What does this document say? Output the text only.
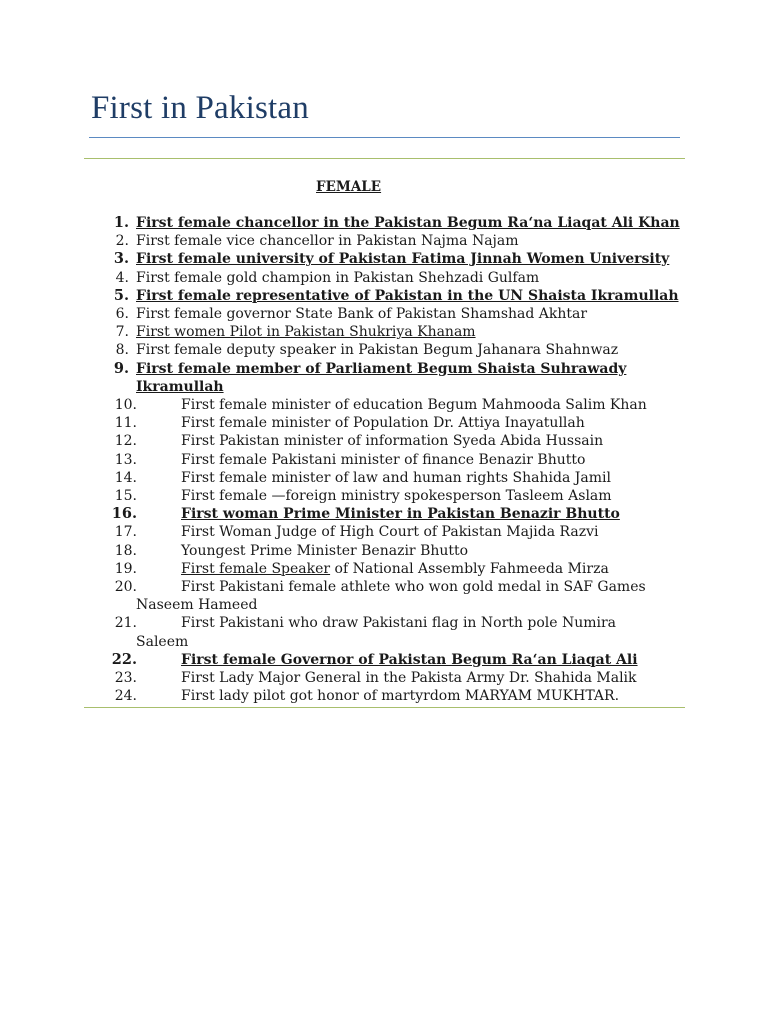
First in Pakistan

FEMALE

1. First female chancellor in the Pakistan Begum Ra‘na Liaqat Ali Khan
2. First female vice chancellor in Pakistan Najma Najam
3. First female university of Pakistan Fatima Jinnah Women University
4. First female gold champion in Pakistan Shehzadi Gulfam
5. First female representative of Pakistan in the UN Shaista Ikramullah
6. First female governor State Bank of Pakistan Shamshad Akhtar
7. First women Pilot in Pakistan Shukriya Khanam
8. First female deputy speaker in Pakistan Begum Jahanara Shahnwaz
9. First female member of Parliament Begum Shaista Suhrawady
Ikramullah
10.	First female minister of education Begum Mahmooda Salim Khan
11.	First female minister of Population Dr. Attiya Inayatullah
12.	First Pakistan minister of information Syeda Abida Hussain
13.	First female Pakistani minister of finance Benazir Bhutto
14.	First female minister of law and human rights Shahida Jamil
15.	First female —foreign ministry spokesperson Tasleem Aslam
16.	First woman Prime Minister in Pakistan Benazir Bhutto
17.	First Woman Judge of High Court of Pakistan Majida Razvi
18.	Youngest Prime Minister Benazir Bhutto
19.	First female Speaker of National Assembly Fahmeeda Mirza
20.	First Pakistani female athlete who won gold medal in SAF Games
Naseem Hameed
21.	First Pakistani who draw Pakistani flag in North pole Numira
Saleem
22.	First female Governor of Pakistan Begum Ra‘an Liaqat Ali
23.	First Lady Major General in the Pakista Army Dr. Shahida Malik
24.	First lady pilot got honor of martyrdom MARYAM MUKHTAR.
